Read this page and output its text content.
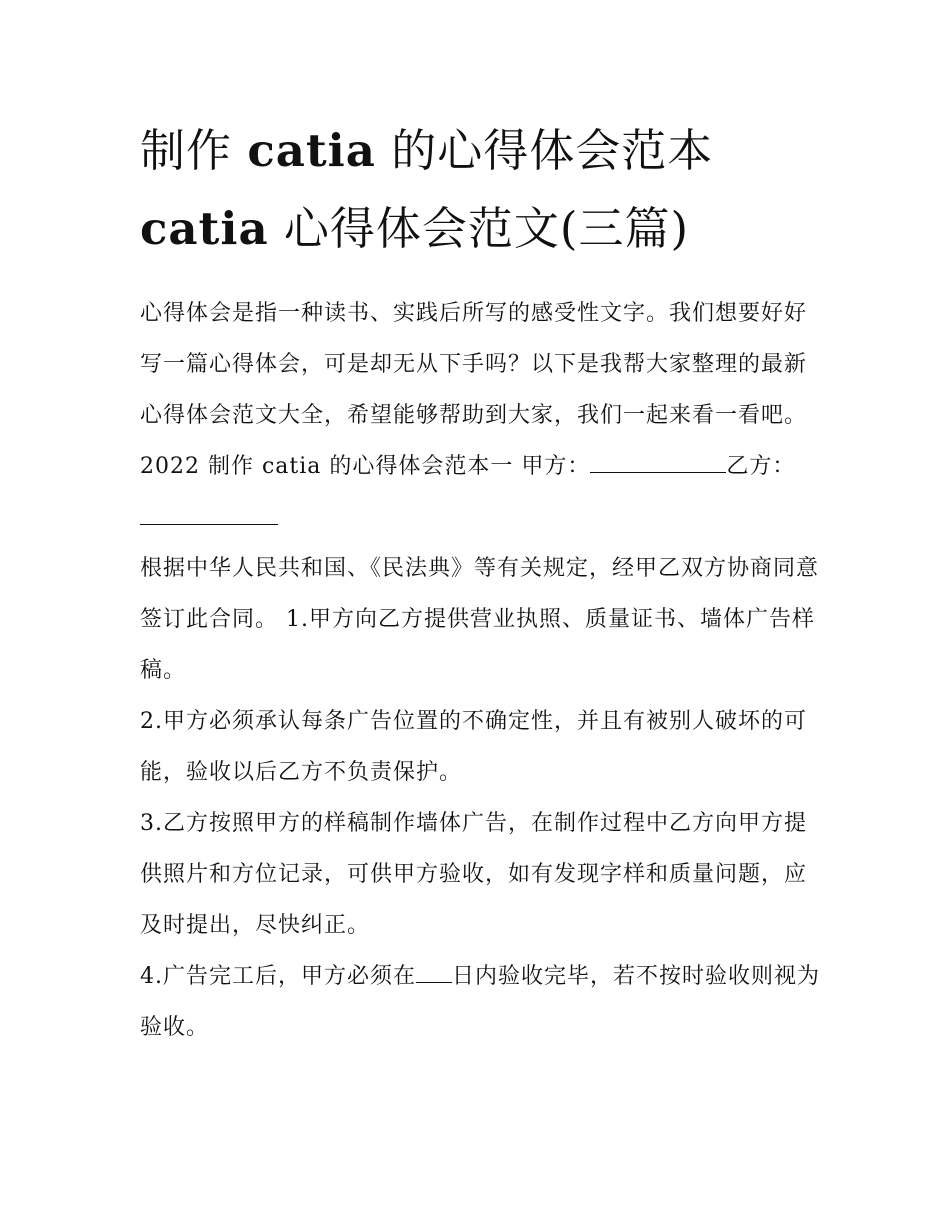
制作 catia 的心得体会范本
catia 心得体会范文(三篇)

心得体会是指一种读书、实践后所写的感受性文字。我们想要好好写一篇心得体会，可是却无从下手吗？以下是我帮大家整理的最新心得体会范文大全，希望能够帮助到大家，我们一起来看一看吧。

2022 制作 catia 的心得体会范本一 甲方：	乙方：

根据中华人民共和国、《民法典》等有关规定，经甲乙双方协商同意签订此合同。 1.甲方向乙方提供营业执照、质量证书、墙体广告样稿。

2.甲方必须承认每条广告位置的不确定性，并且有被别人破坏的可能，验收以后乙方不负责保护。

3.乙方按照甲方的样稿制作墙体广告，在制作过程中乙方向甲方提供照片和方位记录，可供甲方验收，如有发现字样和质量问题，应及时提出，尽快纠正。

4.广告完工后，甲方必须在 日内验收完毕，若不按时验收则视为验收。
